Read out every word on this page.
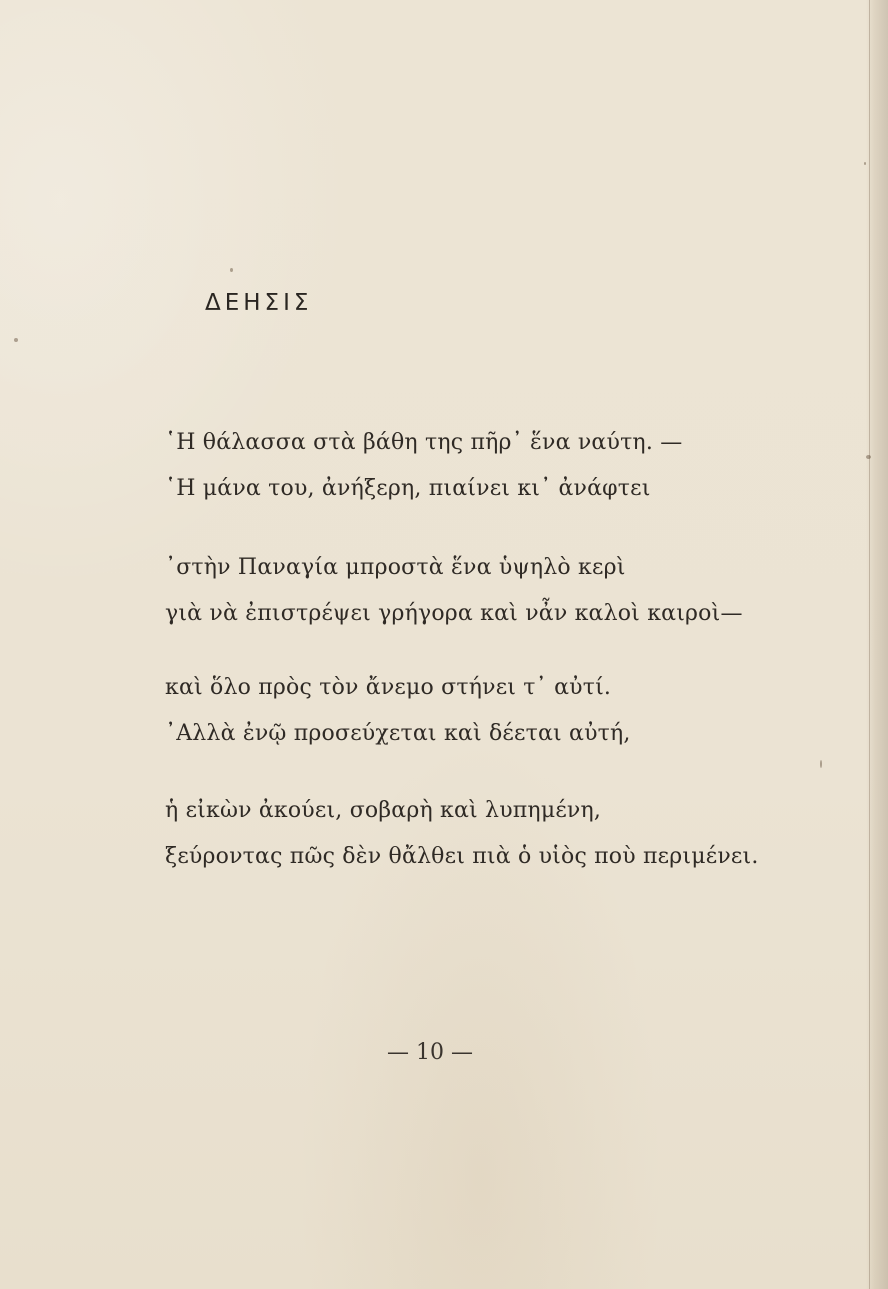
ΔΕΗΣΙΣ
῾Η θάλασσα στὰ βάθη της πῆρ᾽ ἕνα ναύτη. —
῾Η μάνα του, ἀνήξερη, πιαίνει κι᾽ ἀνάφτει
᾽στὴν Παναγία μπροστὰ ἕνα ὑψηλὸ κερὶ
γιὰ νὰ ἐπιστρέψει γρήγορα καὶ νἆν καλοὶ καιροὶ—
καὶ ὅλο πρὸς τὸν ἄνεμο στήνει τ᾽ αὐτί.
᾽Αλλὰ ἐνῷ προσεύχεται καὶ δέεται αὐτή,
ἡ εἰκὼν ἀκούει, σοβαρὴ καὶ λυπημένη,
ξεύροντας πῶς δὲν θἄλθει πιὰ ὁ υἱὸς ποὺ περιμένει.

— 10 —
